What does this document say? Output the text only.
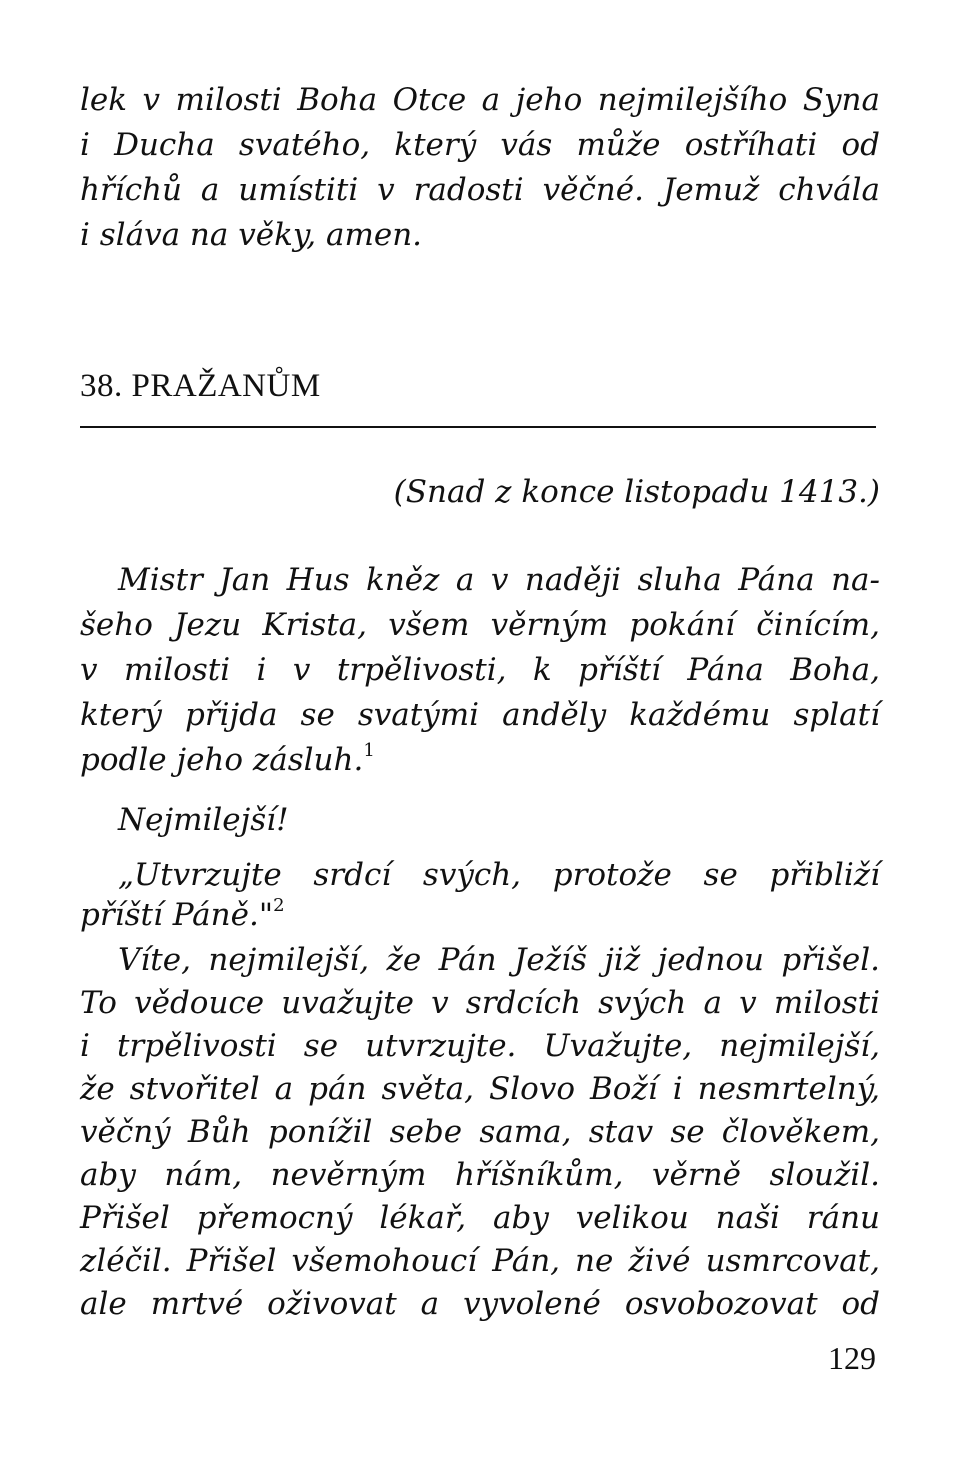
lek v milosti Boha Otce a jeho nejmilejšího Syna
i Ducha svatého, který vás může ostříhati od
hříchů a umístiti v radosti věčné. Jemuž chvála
i sláva na věky, amen.
38. PRAŽANŮM
(Snad z konce listopadu 1413.)
Mistr Jan Hus kněz a v naději sluha Pána na-
šeho Jezu Krista, všem věrným pokání činícím,
v milosti i v trpělivosti, k příští Pána Boha,
který přijda se svatými anděly každému splatí
podle jeho zásluh.$^1$
Nejmilejší!
„Utvrzujte srdcí svých, protože se přibliží
příští Páně."$^2$
Víte, nejmilejší, že Pán Ježíš již jednou přišel.
To vědouce uvažujte v srdcích svých a v milosti
i trpělivosti se utvrzujte. Uvažujte, nejmilejší,
že stvořitel a pán světa, Slovo Boží i nesmrtelný,
věčný Bůh ponížil sebe sama, stav se člověkem,
aby nám, nevěrným hříšníkům, věrně sloužil.
Přišel přemocný lékař, aby velikou naši ránu
zléčil. Přišel všemohoucí Pán, ne živé usmrcovat,
ale mrtvé oživovat a vyvolené osvobozovat od
129
